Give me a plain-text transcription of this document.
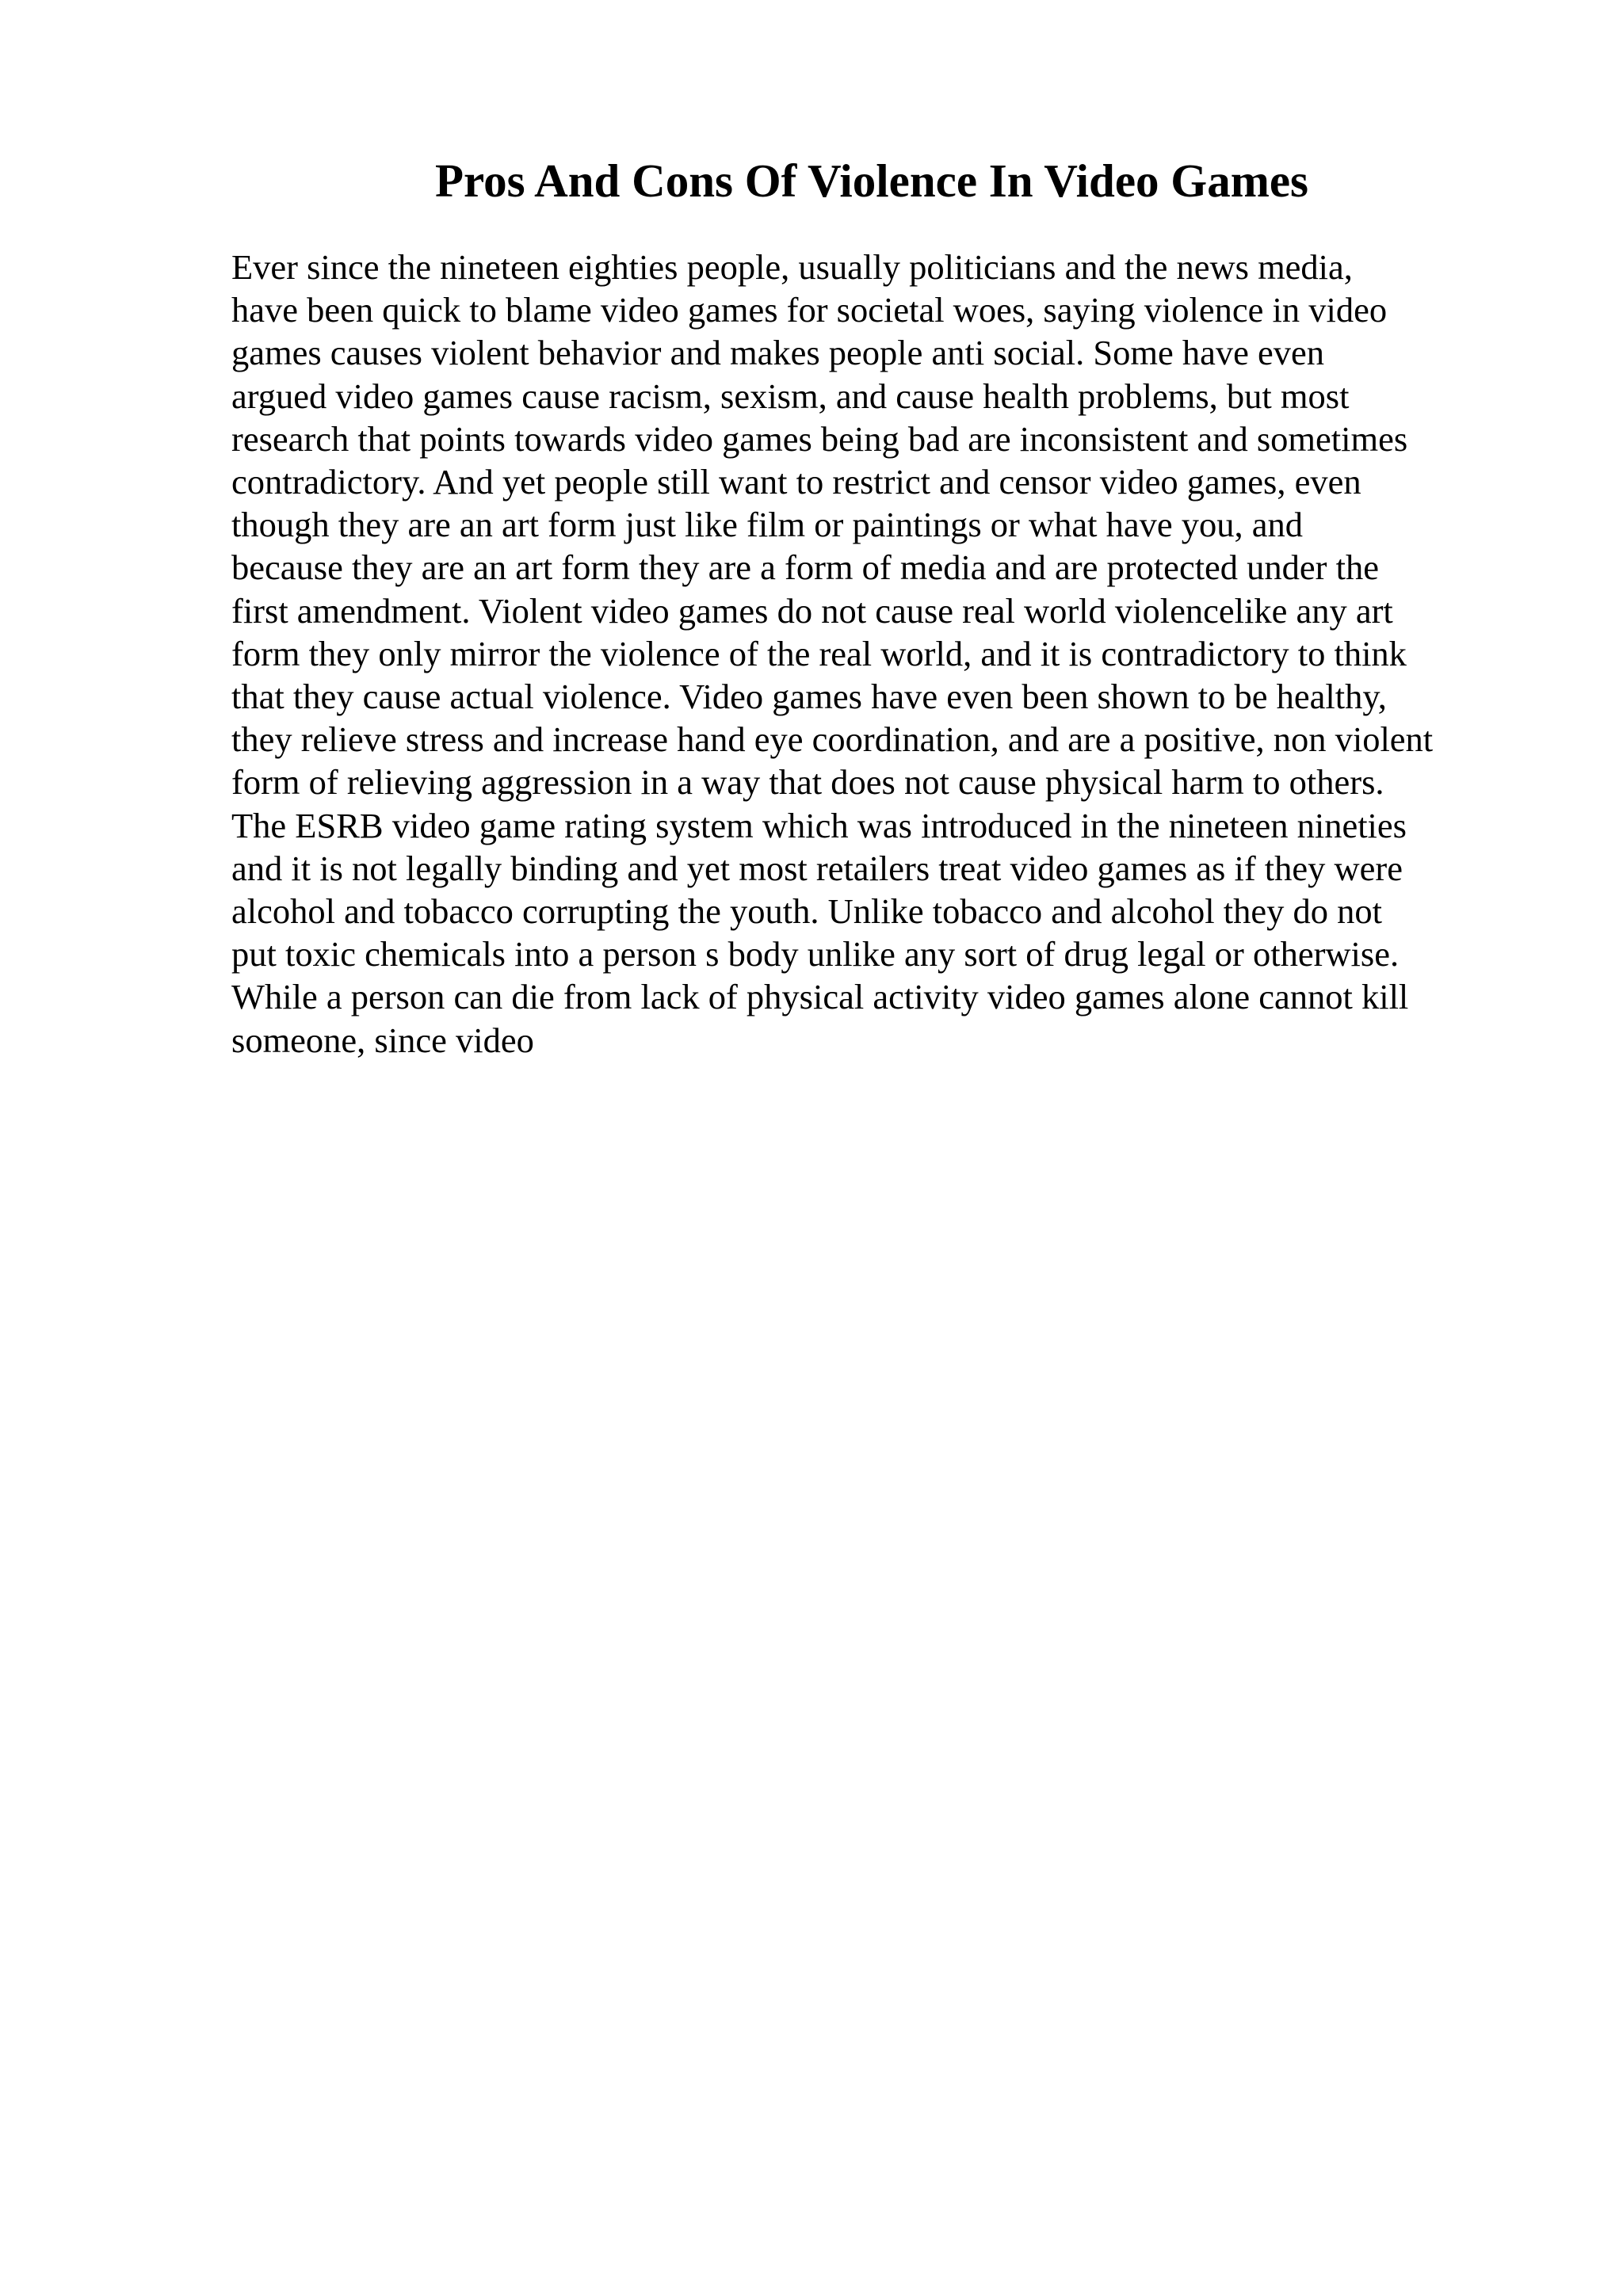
Pros And Cons Of Violence In Video Games
Ever since the nineteen eighties people, usually politicians and the news media,
have been quick to blame video games for societal woes, saying violence in video
games causes violent behavior and makes people anti social. Some have even
argued video games cause racism, sexism, and cause health problems, but most
research that points towards video games being bad are inconsistent and sometimes
contradictory. And yet people still want to restrict and censor video games, even
though they are an art form just like film or paintings or what have you, and
because they are an art form they are a form of media and are protected under the
first amendment. Violent video games do not cause real world violencelike any art
form they only mirror the violence of the real world, and it is contradictory to think
that they cause actual violence. Video games have even been shown to be healthy,
they relieve stress and increase hand eye coordination, and are a positive, non violent
form of relieving aggression in a way that does not cause physical harm to others.
The ESRB video game rating system which was introduced in the nineteen nineties
and it is not legally binding and yet most retailers treat video games as if they were
alcohol and tobacco corrupting the youth. Unlike tobacco and alcohol they do not
put toxic chemicals into a person s body unlike any sort of drug legal or otherwise.
While a person can die from lack of physical activity video games alone cannot kill
someone, since video
